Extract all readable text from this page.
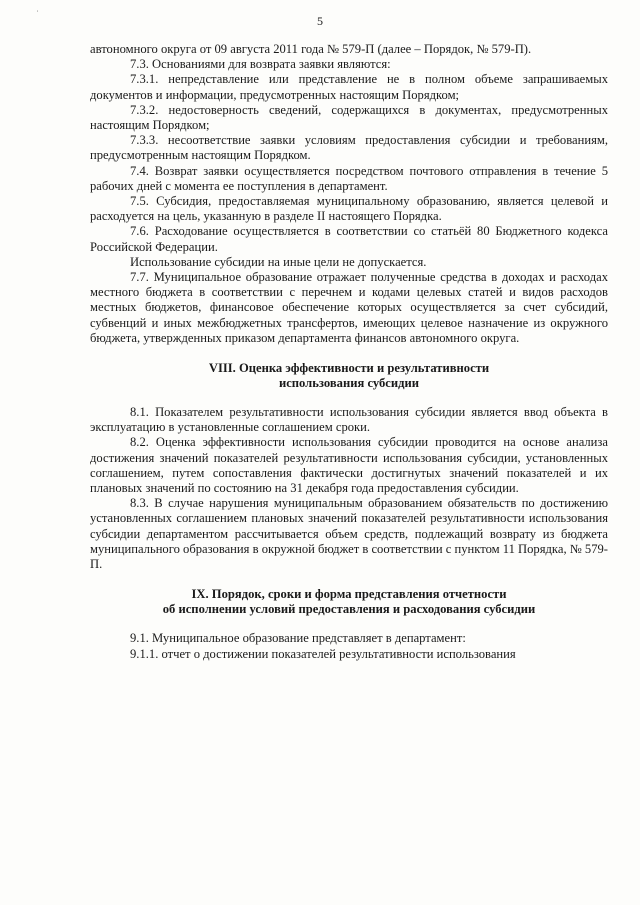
·
5

автономного округа от 09 августа 2011 года № 579-П (далее – Порядок, № 579-П).

7.3. Основаниями для возврата заявки являются:

7.3.1. непредставление или представление не в полном объеме запрашиваемых документов и информации, предусмотренных настоящим Порядком;

7.3.2. недостоверность сведений, содержащихся в документах, предусмотренных настоящим Порядком;

7.3.3. несоответствие заявки условиям предоставления субсидии и требованиям, предусмотренным настоящим Порядком.

7.4. Возврат заявки осуществляется посредством почтового отправления в течение 5 рабочих дней с момента ее поступления в департамент.

7.5. Субсидия, предоставляемая муниципальному образованию, является целевой и расходуется на цель, указанную в разделе II настоящего Порядка.

7.6. Расходование осуществляется в соответствии со статьёй 80 Бюджетного кодекса Российской Федерации.

Использование субсидии на иные цели не допускается.

7.7. Муниципальное образование отражает полученные средства в доходах и расходах местного бюджета в соответствии с перечнем и кодами целевых статей и видов расходов местных бюджетов, финансовое обеспечение которых осуществляется за счет субсидий, субвенций и иных межбюджетных трансфертов, имеющих целевое назначение из окружного бюджета, утвержденных приказом департамента финансов автономного округа.

VIII. Оценка эффективности и результативности
использования субсидии

8.1. Показателем результативности использования субсидии является ввод объекта в эксплуатацию в установленные соглашением сроки.

8.2. Оценка эффективности использования субсидии проводится на основе анализа достижения значений показателей результативности использования субсидии, установленных соглашением, путем сопоставления фактически достигнутых значений показателей и их плановых значений по состоянию на 31 декабря года предоставления субсидии.

8.3. В случае нарушения муниципальным образованием обязательств по достижению установленных соглашением плановых значений показателей результативности использования субсидии департаментом рассчитывается объем средств, подлежащий возврату из бюджета муниципального образования в окружной бюджет в соответствии с пунктом 11 Порядка, № 579-П.

IX. Порядок, сроки и форма представления отчетности
об исполнении условий предоставления и расходования субсидии

9.1. Муниципальное образование представляет в департамент:

9.1.1. отчет о достижении показателей результативности использования
